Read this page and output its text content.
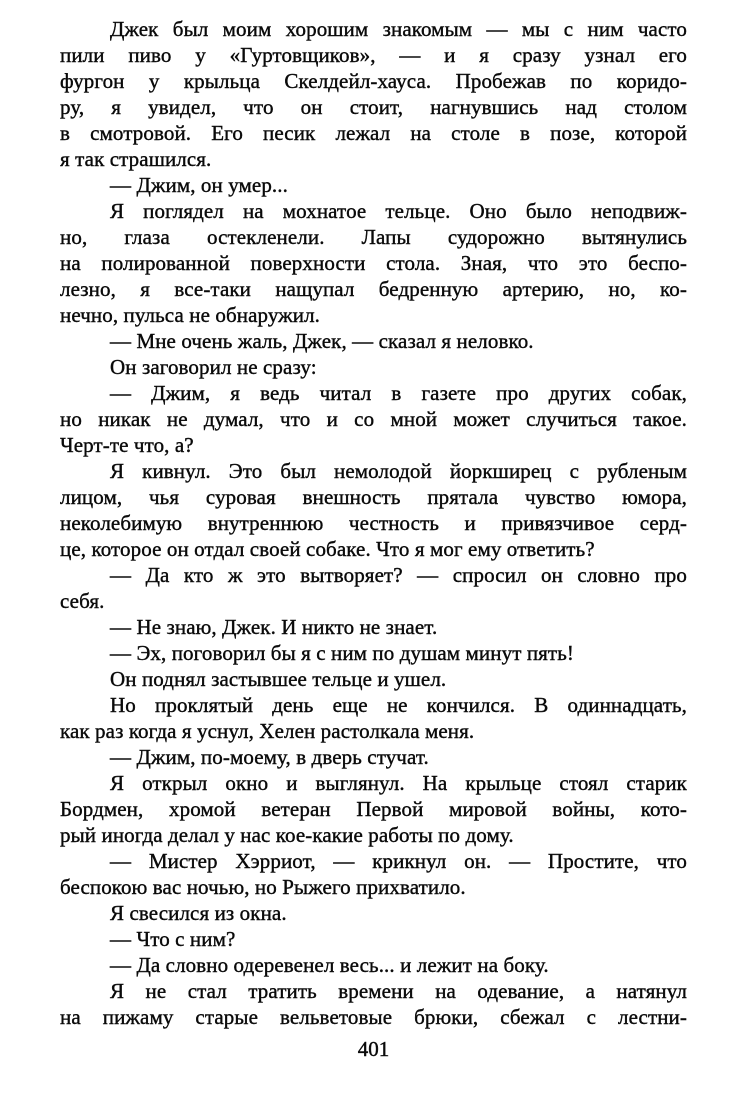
Джек был моим хорошим знакомым — мы с ним часто
пили пиво у «Гуртовщиков», — и я сразу узнал его
фургон у крыльца Скелдейл-хауса. Пробежав по коридо-
ру, я увидел, что он стоит, нагнувшись над столом
в смотровой. Его песик лежал на столе в позе, которой
я так страшился.
— Джим, он умер...
Я поглядел на мохнатое тельце. Оно было неподвиж-
но, глаза остекленели. Лапы судорожно вытянулись
на полированной поверхности стола. Зная, что это беспо-
лезно, я все-таки нащупал бедренную артерию, но, ко-
нечно, пульса не обнаружил.
— Мне очень жаль, Джек, — сказал я неловко.
Он заговорил не сразу:
— Джим, я ведь читал в газете про других собак,
но никак не думал, что и со мной может случиться такое.
Черт-те что, а?
Я кивнул. Это был немолодой йоркширец с рубленым
лицом, чья суровая внешность прятала чувство юмора,
неколебимую внутреннюю честность и привязчивое серд-
це, которое он отдал своей собаке. Что я мог ему ответить?
— Да кто ж это вытворяет? — спросил он словно про
себя.
— Не знаю, Джек. И никто не знает.
— Эх, поговорил бы я с ним по душам минут пять!
Он поднял застывшее тельце и ушел.
Но проклятый день еще не кончился. В одиннадцать,
как раз когда я уснул, Хелен растолкала меня.
— Джим, по-моему, в дверь стучат.
Я открыл окно и выглянул. На крыльце стоял старик
Бордмен, хромой ветеран Первой мировой войны, кото-
рый иногда делал у нас кое-какие работы по дому.
— Мистер Хэрриот, — крикнул он. — Простите, что
беспокою вас ночью, но Рыжего прихватило.
Я свесился из окна.
— Что с ним?
— Да словно одеревенел весь... и лежит на боку.
Я не стал тратить времени на одевание, а натянул
на пижаму старые вельветовые брюки, сбежал с лестни-
401
